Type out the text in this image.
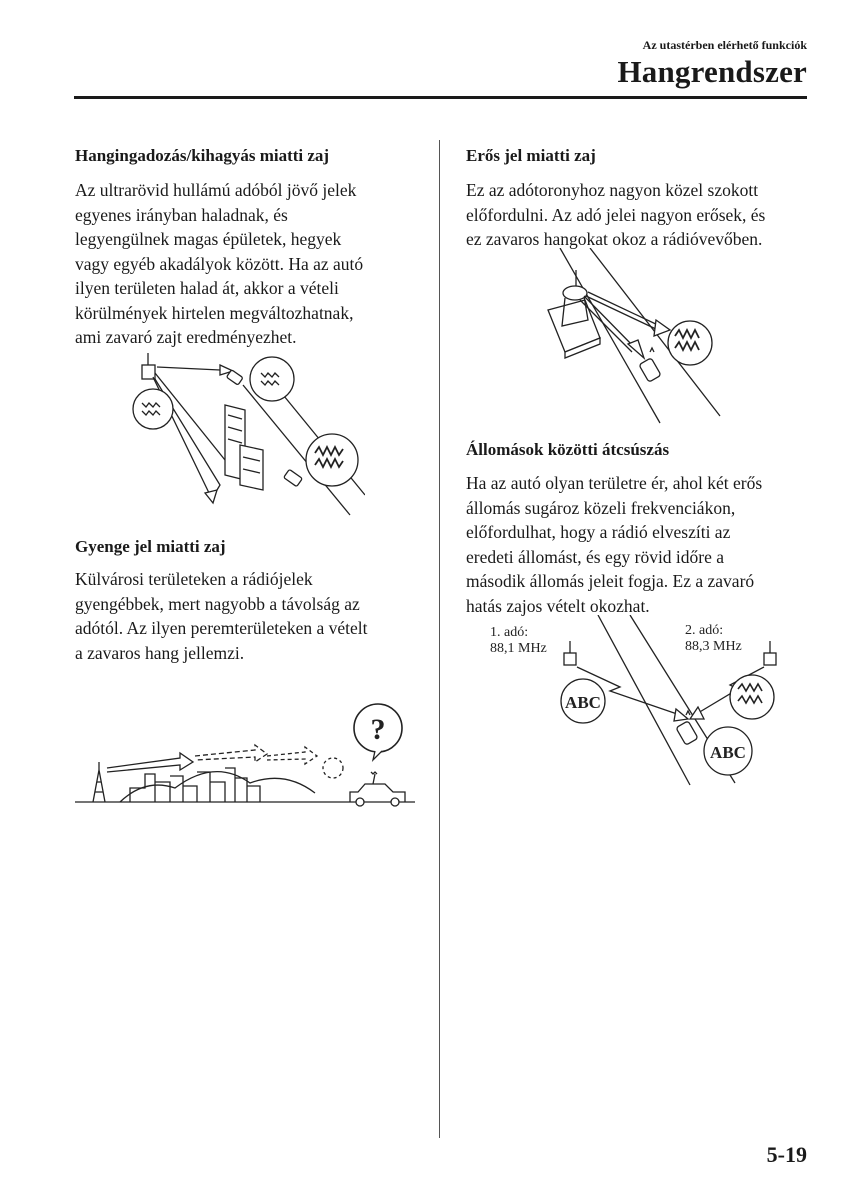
Az utastérben elérhető funkciók
Hangrendszer
Hangingadozás/kihagyás miatti zaj
Az ultrarövid hullámú adóból jövő jelek
egyenes irányban haladnak, és
legyengülnek magas épületek, hegyek
vagy egyéb akadályok között. Ha az autó
ilyen területen halad át, akkor a vételi
körülmények hirtelen megváltozhatnak,
ami zavaró zajt eredményezhet.
Gyenge jel miatti zaj
Külvárosi területeken a rádiójelek
gyengébbek, mert nagyobb a távolság az
adótól. Az ilyen peremterületeken a vételt
a zavaros hang jellemzi.
?
Erős jel miatti zaj
Ez az adótoronyhoz nagyon közel szokott
előfordulni. Az adó jelei nagyon erősek, és
ez zavaros hangokat okoz a rádióvevőben.
Állomások közötti átcsúszás
Ha az autó olyan területre ér, ahol két erős
állomás sugároz közeli frekvenciákon,
előfordulhat, hogy a rádió elveszíti az
eredeti állomást, és egy rövid időre a
második állomás jeleit fogja. Ez a zavaró
hatás zajos vételt okozhat.
1. adó:
88,1 MHz
2. adó:
88,3 MHz
ABC
ABC
5-19
